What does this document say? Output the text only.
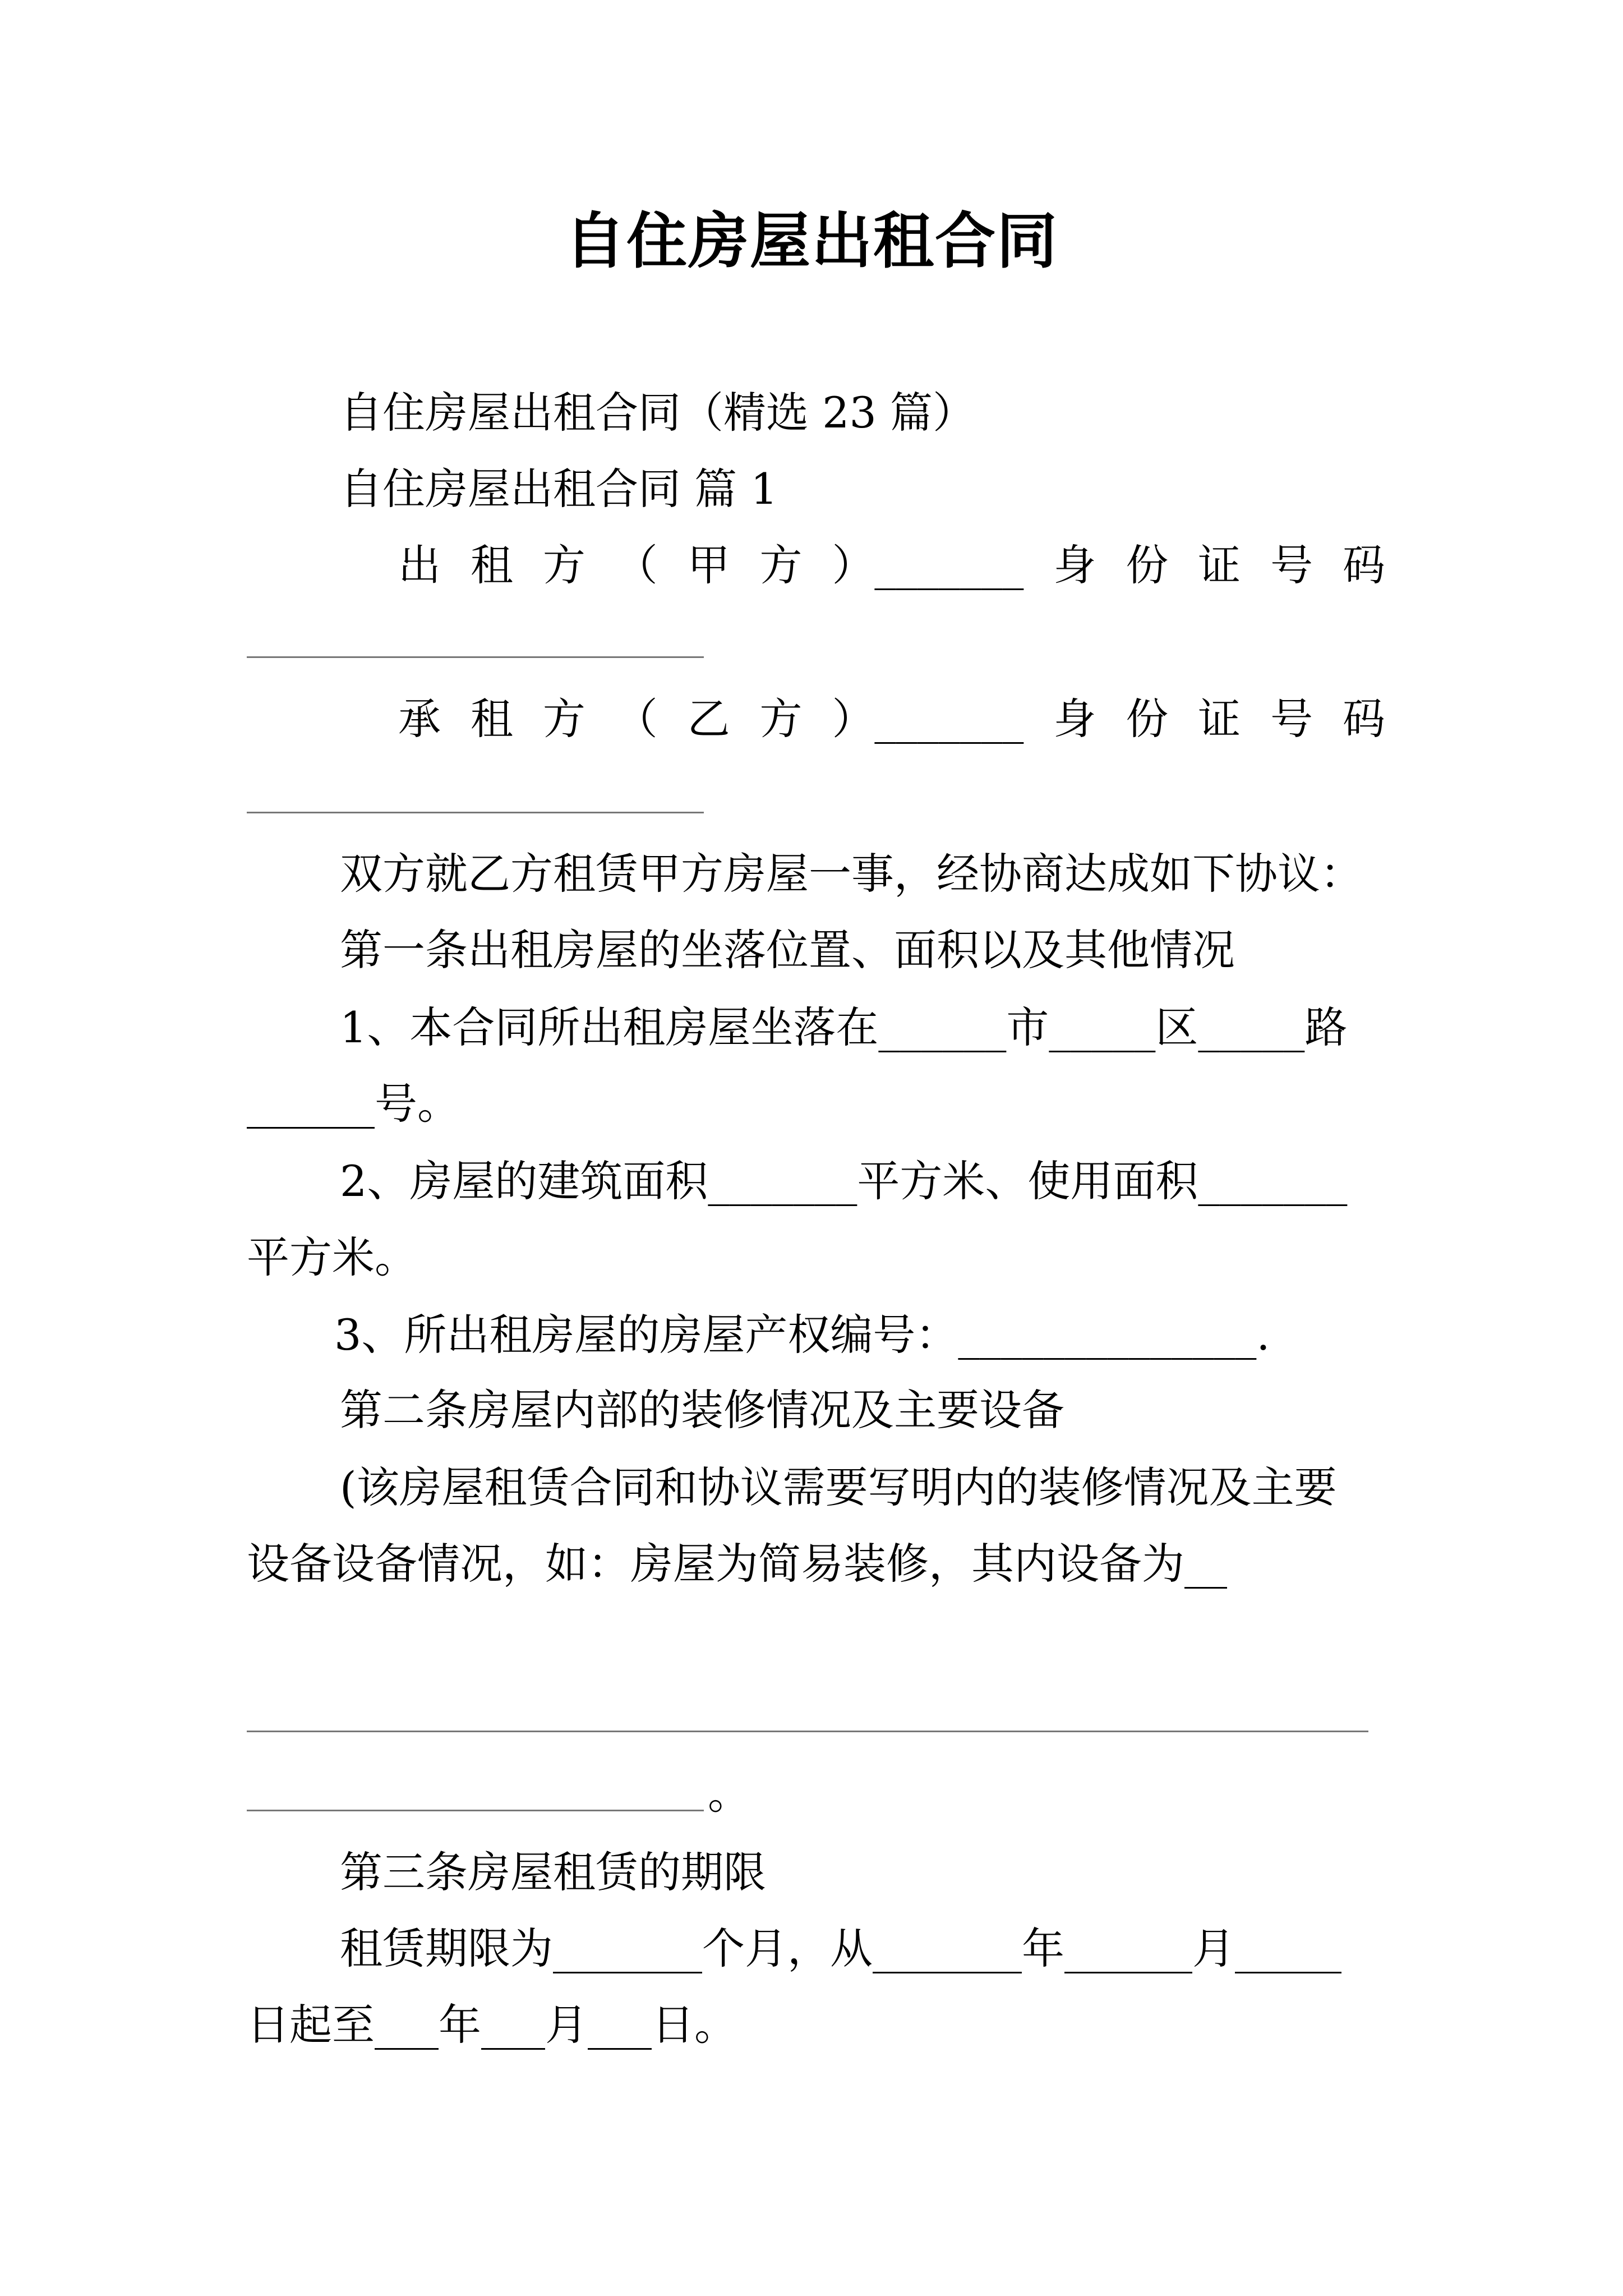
自住房屋出租合同
自住房屋出租合同（精选 23 篇）
自住房屋出租合同 篇 1
出 租 方 （ 甲 方 ）_______ 身 份 证 号 码
承 租 方 （ 乙 方 ）_______ 身 份 证 号 码
双方就乙方租赁甲方房屋一事，经协商达成如下协议：
第一条出租房屋的坐落位置、面积以及其他情况
1、本合同所出租房屋坐落在______市_____区_____路
______号。
2、房屋的建筑面积_______平方米、使用面积_______
平方米。
3、所出租房屋的房屋产权编号：______________.
第二条房屋内部的装修情况及主要设备
(该房屋租赁合同和协议需要写明内的装修情况及主要
设备设备情况，如：房屋为简易装修，其内设备为__
。
第三条房屋租赁的期限
租赁期限为_______个月，从_______年______月_____
日起至___年___月___日。
